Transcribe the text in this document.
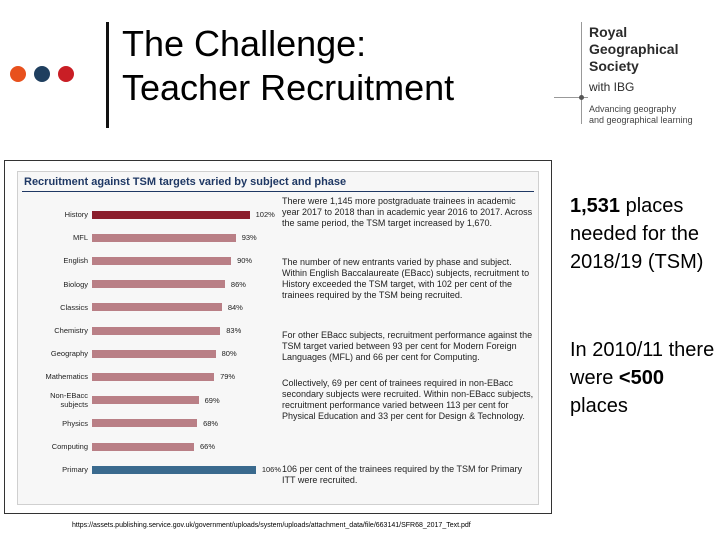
The Challenge:
Teacher Recruitment
Royal
Geographical
Society
with IBG
Advancing geography
and geographical learning
Recruitment against TSM targets varied by subject and phase
History	102%
MFL	93%
English	90%
Biology	86%
Classics	84%
Chemistry	83%
Geography	80%
Mathematics	79%
Non-EBacc
subjects	69%
Physics	68%
Computing	66%
Primary	106%
There were 1,145 more postgraduate trainees in academic year 2017 to 2018 than in academic year 2016 to 2017. Across the same period, the TSM target increased by 1,670.
The number of new entrants varied by phase and subject. Within English Baccalaureate (EBacc) subjects, recruitment to History exceeded the TSM target, with 102 per cent of the trainees required by the TSM being recruited.
For other EBacc subjects, recruitment performance against the TSM target varied between 93 per cent for Modern Foreign Languages (MFL) and 66 per cent for Computing.
Collectively, 69 per cent of trainees required in non-EBacc secondary subjects were recruited. Within non-EBacc subjects, recruitment performance varied between 113 per cent for Physical Education and 33 per cent for Design & Technology.
106 per cent of the trainees required by the TSM for Primary ITT were recruited.
1,531 places needed for the 2018/19 (TSM)
In 2010/11 there were <500 places
https://assets.publishing.service.gov.uk/government/uploads/system/uploads/attachment_data/file/663141/SFR68_2017_Text.pdf
